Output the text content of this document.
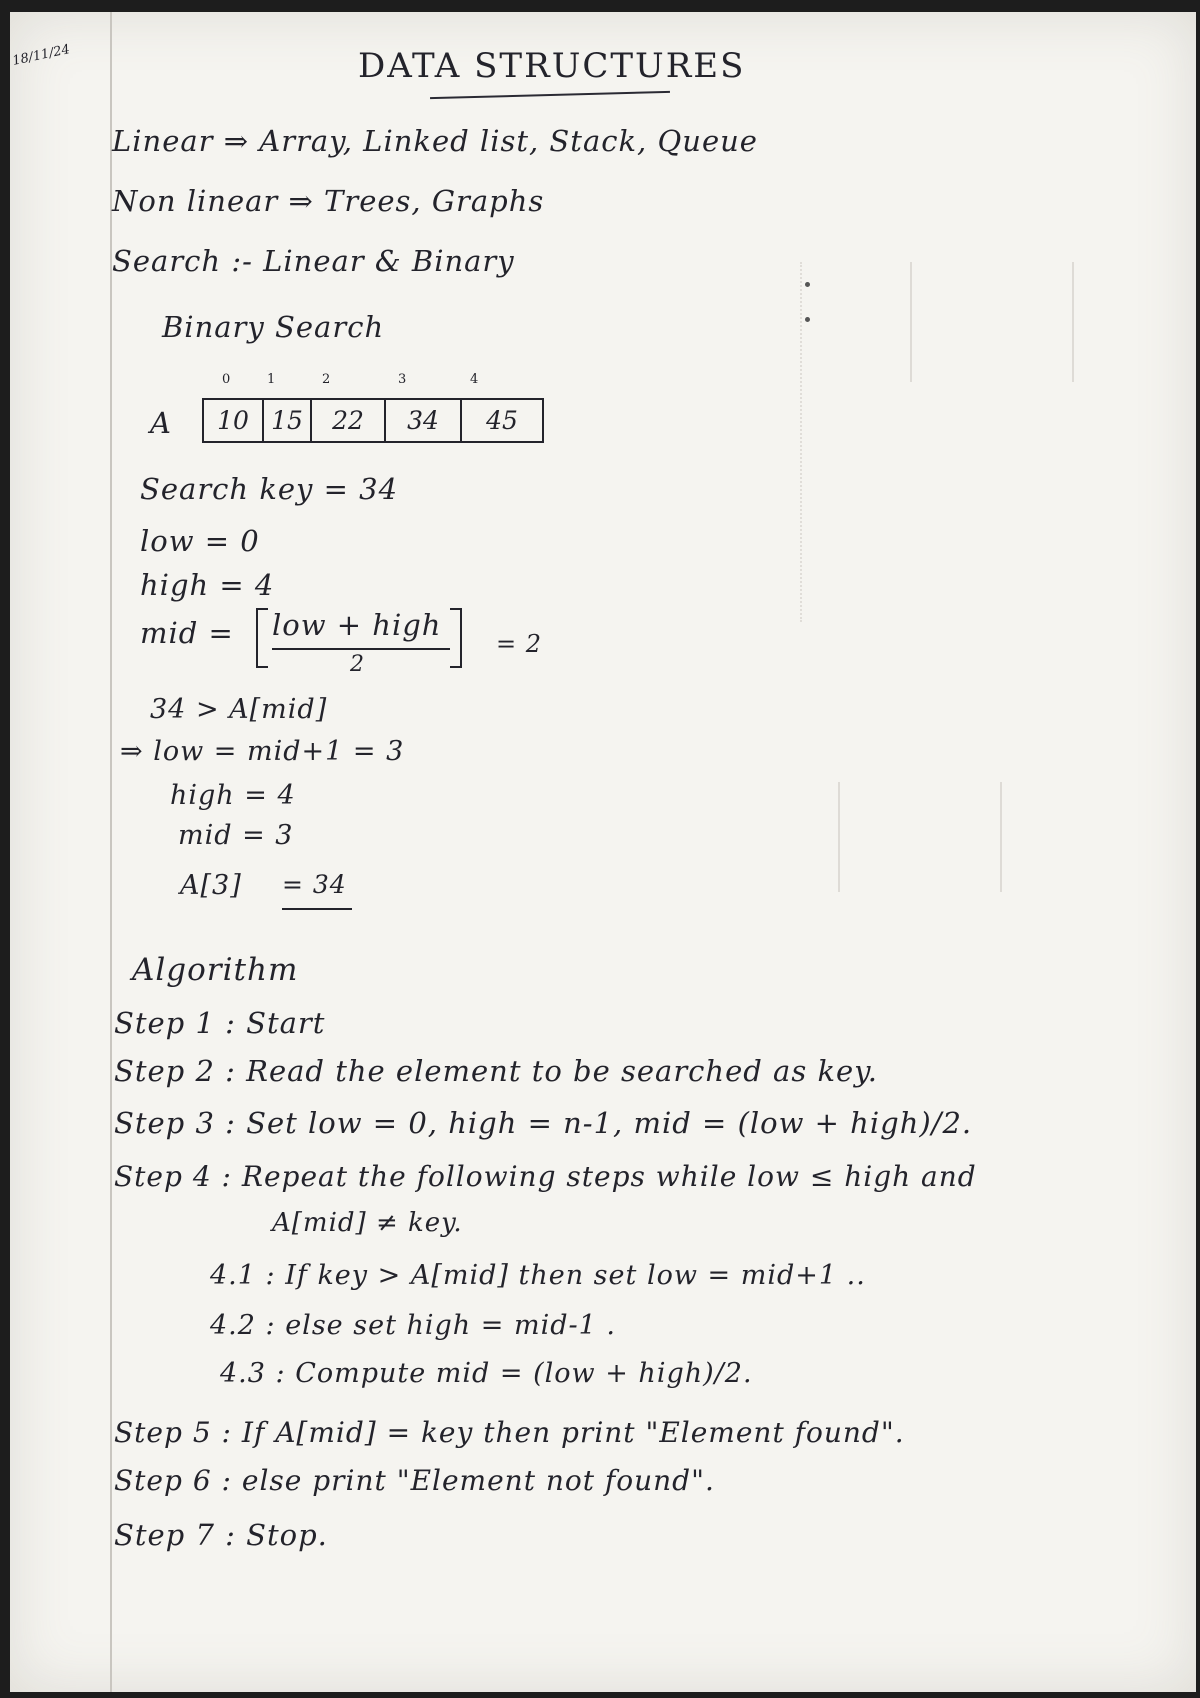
18/11/24	DATA STRUCTURES
Linear ⇒ Array, Linked list, Stack, Queue
Non linear ⇒ Trees, Graphs
Search :- Linear & Binary
Binary Search
0	1	2	3	4
A 10	15	22	34	45
Search key = 34
low = 0
high = 4
mid = low + high
2
= 2
34 > A[mid]
⇒ low = mid+1 = 3
high = 4
mid = 3
A[3] = 34
Algorithm
Step 1 : Start
Step 2 : Read the element to be searched as key.
Step 3 : Set low = 0, high = n-1, mid = (low + high)/2.
Step 4 : Repeat the following steps while low ≤ high and
A[mid] ≠ key.
4.1 : If key > A[mid] then set low = mid+1 ..
4.2 : else set high = mid-1 .
4.3 : Compute mid = (low + high)/2.
Step 5 : If A[mid] = key then print "Element found".
Step 6 : else print "Element not found".
Step 7 : Stop.
